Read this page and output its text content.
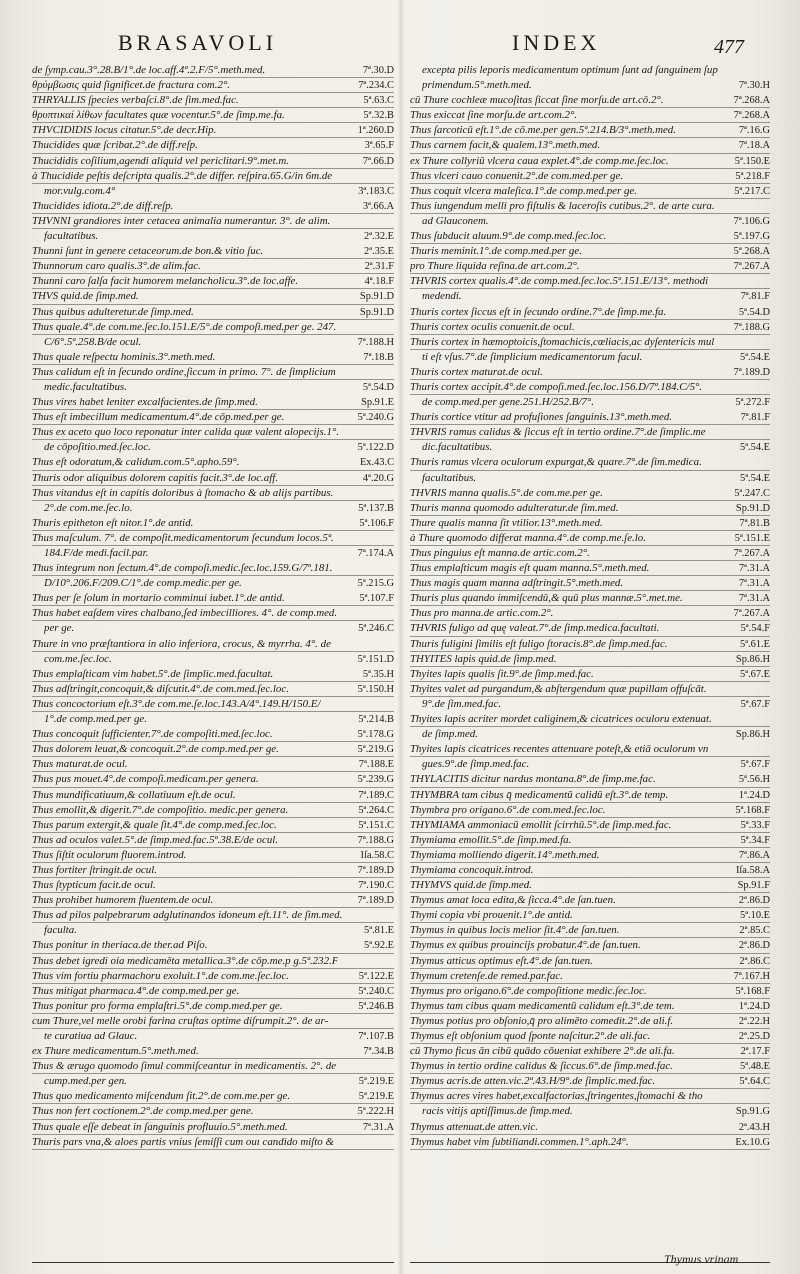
BRASAVOLI	INDEX	477
de ſymp.cau.3°.28.B/1°.de loc.aff.4ª.2.F/5°.meth.med.	7ª.30.D
θρύμβωσις quid ſignificet.de fractura com.2°.	7ª.234.C
THRYALLIS ſpecies verbaſci.8°.de ſim.med.fac.	5ª.63.C
θρυπτικαί λίθων facultates quæ vocentur.5°.de ſimp.me.fa.	5ª.32.B
THVCIDIDIS locus citatur.5°.de decr.Hip.	1ª.260.D
Thucidides quæ ſcribat.2°.de diff.reſp.	3ª.65.F
Thucididis coſilium,agendi aliquid vel periclitari.9°.met.m.	7ª.66.D
à Thucidide peſtis deſcripta qualis.2°.de differ. reſpira.65.G/in 6m.de
mor.vulg.com.4°	3ª.183.C
Thucidides idiota.2°.de diff.reſp.	3ª.66.A
THVNNI grandiores inter cetacea animalia numerantur. 3°. de alim.
facultatibus.	2ª.32.E
Thunni ſunt in genere cetaceorum.de bon.& vitio ſuc.	2ª.35.E
Thunnorum caro qualis.3°.de alim.fac.	2ª.31.F
Thunni caro ſalſa facit humorem melancholicu.3°.de loc.affe.	4ª.18.F
THVS quid.de ſimp.med.	Sp.91.D
Thus quibus adulteretur.de ſimp.med.	Sp.91.D
Thus quale.4°.de com.me.ſec.lo.151.E/5°.de compoſi.med.per ge. 247.
C/6°.5ª.258.B/de ocul.	7ª.188.H
Thus quale reſpectu hominis.3°.meth.med.	7ª.18.B
Thus calidum eſt in ſecundo ordine,ſiccum in primo. 7°. de ſimplicium
medic.facultatibus.	5ª.54.D
Thus vires habet leniter excalfacientes.de ſimp.med.	Sp.91.E
Thus eſt imbecillum medicamentum.4°.de cōp.med.per ge.	5ª.240.G
Thus ex aceto quo loco reponatur inter calida quæ valent alopecijs.1°.
de cōpoſitio.med.ſec.loc.	5ª.122.D
Thus eſt odoratum,& calidum.com.5°.apho.59°.	Ex.43.C
Thuris odor aliquibus dolorem capitis facit.3°.de loc.aff.	4ª.20.G
Thus vitandus eſt in capitis doloribus à ſtomacho & ab alijs partibus.
2°.de com.me.ſec.lo.	5ª.137.B
Thuris epitheton eſt nitor.1°.de antid.	5ª.106.F
Thus maſculum. 7°. de compoſit.medicamentorum ſecundum locos.5ª.
184.F/de medi.facil.par.	7ª.174.A
Thus integrum non ſectum.4°.de compoſi.medic.ſec.loc.159.G/7ª.181.
D/10°.206.F/209.C/1°.de comp.medic.per ge.	5ª.215.G
Thus per ſe ſolum in mortario comminui iubet.1°.de antid.	5ª.107.F
Thus habet eaſdem vires chalbano,ſed imbecilliores. 4°. de comp.med.
per ge.	5ª.246.C
Thure in vno præſtantiora in alio inferiora, crocus, & myrrha. 4°. de
com.me.ſec.loc.	5ª.151.D
Thus emplaſticam vim habet.5°.de ſimplic.med.facultat.	5ª.35.H
Thus adſtringit,concoquit,& diſcutit.4°.de com.med.ſec.loc.	5ª.150.H
Thus concoctorium eſt.3°.de com.me.ſe.loc.143.A/4°.149.H/150.E/
1°.de comp.med.per ge.	5ª.214.B
Thus concoquit ſufficienter.7°.de compoſiti.med.ſec.loc.	5ª.178.G
Thus dolorem leuat,& concoquit.2°.de comp.med.per ge.	5ª.219.G
Thus maturat.de ocul.	7ª.188.E
Thus pus mouet.4°.de compoſi.medicam.per genera.	5ª.239.G
Thus mundificatiuum,& collatiuum eſt.de ocul.	7ª.189.C
Thus emollit,& digerit.7°.de compoſitio. medic.per genera.	5ª.264.C
Thus parum extergit,& quale ſit.4°.de comp.med.ſec.loc.	5ª.151.C
Thus ad oculos valet.5°.de ſimp.med.fac.5ª.38.E/de ocul.	7ª.188.G
Thus ſiſtit oculorum fluorem.introd.	Iſa.58.C
Thus fortiter ſtringit.de ocul.	7ª.189.D
Thus ſtypticum facit.de ocul.	7ª.190.C
Thus prohibet humorem fluentem.de ocul.	7ª.189.D
Thus ad pilos palpebrarum adglutinandos idoneum eſt.11°. de ſim.med.
faculta.	5ª.81.E
Thus ponitur in theriaca.de ther.ad Piſo.	5ª.92.E
Thus debet igredi oia medicamēta metallica.3°.de cōp.me.p g.5ª.232.F
Thus vim fortiu pharmachoru exoluit.1°.de com.me.ſec.loc.	5ª.122.E
Thus mitigat pharmaca.4°.de comp.med.per ge.	5ª.240.C
Thus ponitur pro forma emplaſtri.5°.de comp.med.per ge.	5ª.246.B
cum Thure,vel melle orobi farina cruſtas optime diſrumpit.2°. de ar-
te curatiua ad Glauc.	7ª.107.B
ex Thure medicamentum.5°.meth.med.	7ª.34.B
Thus & ærugo quomodo ſimul commiſceantur in medicamentis. 2°. de
cump.med.per gen.	5ª.219.E
Thus quo medicamento miſcendum ſit.2°.de com.me.per ge.	5ª.219.E
Thus non fert coctionem.2°.de comp.med.per gene.	5ª.222.H
Thus quale eſſe debeat in ſanguinis profluuio.5°.meth.med.	7ª.31.A
Thuris pars vna,& aloes partis vnius ſemiſſi cum ouı candido miſto &
excepta pilis leporis medicamentum optimum ſunt ad ſanguinem ſup
primendum.5°.meth.med.	7ª.30.H
cū Thure cochleæ mucoſitas ſiccat ſine morſu.de art.cō.2°.	7ª.268.A
Thus exiccat ſine morſu.de art.com.2°.	7ª.268.A
Thus ſarcoticū eſt.1°.de cō.me.per gen.5ª.214.B/3°.meth.med.	7ª.16.G
Thus carnem facit,& qualem.13°.meth.med.	7ª.18.A
ex Thure collyriū vlcera caua explet.4°.de comp.me.ſec.loc.	5ª.150.E
Thus vlceri cauo conuenit.2°.de com.med.per ge.	5ª.218.F
Thus coquit vlcera maleſica.1°.de comp.med.per ge.	5ª.217.C
Thus iungendum melli pro fiſtulis & laceroſis cutibus.2°. de arte cura.
ad Glauconem.	7ª.106.G
Thus ſubducit aluum.9°.de comp.med.ſec.loc.	5ª.197.G
Thuris meminit.1°.de comp.med.per ge.	5ª.268.A
pro Thure liquida reſina.de art.com.2°.	7ª.267.A
THVRIS cortex qualis.4°.de comp.med.ſec.loc.5ª.151.E/13°. methodi
medendi.	7ª.81.F
Thuris cortex ſiccus eſt in ſecundo ordine.7°.de ſimp.me.fa.	5ª.54.D
Thuris cortex oculis conuenit.de ocul.	7ª.188.G
Thuris cortex in hæmoptoicis,ſtomachicis,cœliacis,ac dyſentericis mul
ti eſt vſus.7°.de ſimplicium medicamentorum facul.	5ª.54.E
Thuris cortex maturat.de ocul.	7ª.189.D
Thuris cortex accipit.4°.de compoſi.med.ſec.loc.156.D/7ª.184.C/5°.
de comp.med.per gene.251.H/252.B/7°.	5ª.272.F
Thuris cortice vtitur ad profuſiones ſanguinis.13°.meth.med.	7ª.81.F
THVRIS ramus calidus & ſiccus eſt in tertio ordine.7°.de ſimplic.me
dic.facultatibus.	5ª.54.E
Thuris ramus vlcera oculorum expurgat,& quare.7°.de ſim.medica.
facultatibus.	5ª.54.E
THVRIS manna qualis.5°.de com.me.per ge.	5ª.247.C
Thuris manna quomodo adulteratur.de ſim.med.	Sp.91.D
Thure qualis manna ſit vtilior.13°.meth.med.	7ª.81.B
à Thure quomodo differat manna.4°.de comp.me.ſe.lo.	5ª.151.E
Thus pinguius eſt manna.de artic.com.2°.	7ª.267.A
Thus emplaſticum magis eſt quam manna.5°.meth.med.	7ª.31.A
Thus magis quam manna adſtringit.5°.meth.med.	7ª.31.A
Thuris plus quando immiſcendū,& quū plus mannæ.5°.met.me.	7ª.31.A
Thus pro manna.de artic.com.2°.	7ª.267.A
THVRIS fuligo ad quę valeat.7°.de ſimp.medica.facultati.	5ª.54.F
Thuris fuligini ſimilis eſt fuligo ſtoracis.8°.de ſimp.med.fac.	5ª.61.E
THYITES lapis quid.de ſimp.med.	Sp.86.H
Thyites lapis qualis ſit.9°.de ſimp.med.fac.	5ª.67.E
Thyites valet ad purgandum,& abſtergendum quæ pupillam offuſcāt.
9°.de ſim.med.fac.	5ª.67.F
Thyites lapis acriter mordet caliginem,& cicatrices oculoru extenuat.
de ſimp.med.	Sp.86.H
Thyites lapis cicatrices recentes attenuare poteſt,& etiā oculorum vn
gues.9°.de ſimp.med.fac.	5ª.67.F
THYLACITIS dicitur nardus montana.8°.de ſimp.me.fac.	5ª.56.H
THYMBRA tam cibus q̄ medicamentū calidū eſt.3°.de temp.	1ª.24.D
Thymbra pro origano.6°.de com.med.ſec.loc.	5ª.168.F
THYMIAMA ammoniacū emollit ſcirrhū.5°.de ſimp.med.fac.	5ª.33.F
Thymiama emollit.5°.de ſimp.med.fa.	5ª.34.F
Thymiama molliendo digerit.14°.meth.med.	7ª.86.A
Thymiama concoquit.introd.	Iſa.58.A
THYMVS quid.de ſimp.med.	Sp.91.F
Thymus amat loca edita,& ſicca.4°.de ſan.tuen.	2ª.86.D
Thymi copia vbi prouenit.1°.de antid.	5ª.10.E
Thymus in quibus locis melior ſit.4°.de ſan.tuen.	2ª.85.C
Thymus ex quibus prouincijs probatur.4°.de ſan.tuen.	2ª.86.D
Thymus atticus optimus eſt.4°.de ſan.tuen.	2ª.86.C
Thymum cretenſe.de remed.par.fac.	7ª.167.H
Thymus pro origano.6°.de compoſitione medic.ſec.loc.	5ª.168.F
Thymus tam cibus quam medicamentū calidum eſt.3°.de tem.	1ª.24.D
Thymus potius pro obſonio,q̄ pro alimēto comedit.2°.de ali.f.	2ª.22.H
Thymus eſt obſonium quod ſponte naſcitur.2°.de ali.fac.	2ª.25.D
cū Thymo ficus ān cibū quādo cōueniat exhibere 2°.de ali.fa.	2ª.17.F
Thymus in tertio ordine calidus & ſiccus.6°.de ſimp.med.fac.	5ª.48.E
Thymus acris.de atten.vic.2ª.43.H/9°.de ſimplic.med.fac.	5ª.64.C
Thymus acres vires habet,excalfactorias,ſtringentes,ſtomachi & tho
racis vitijs aptiſſimus.de ſimp.med.	Sp.91.G
Thymus attenuat.de atten.vic.	2ª.43.H
Thymus habet vim ſubtiliandi.commen.1°.aph.24°.	Ex.10.G
Thymus vrinam
